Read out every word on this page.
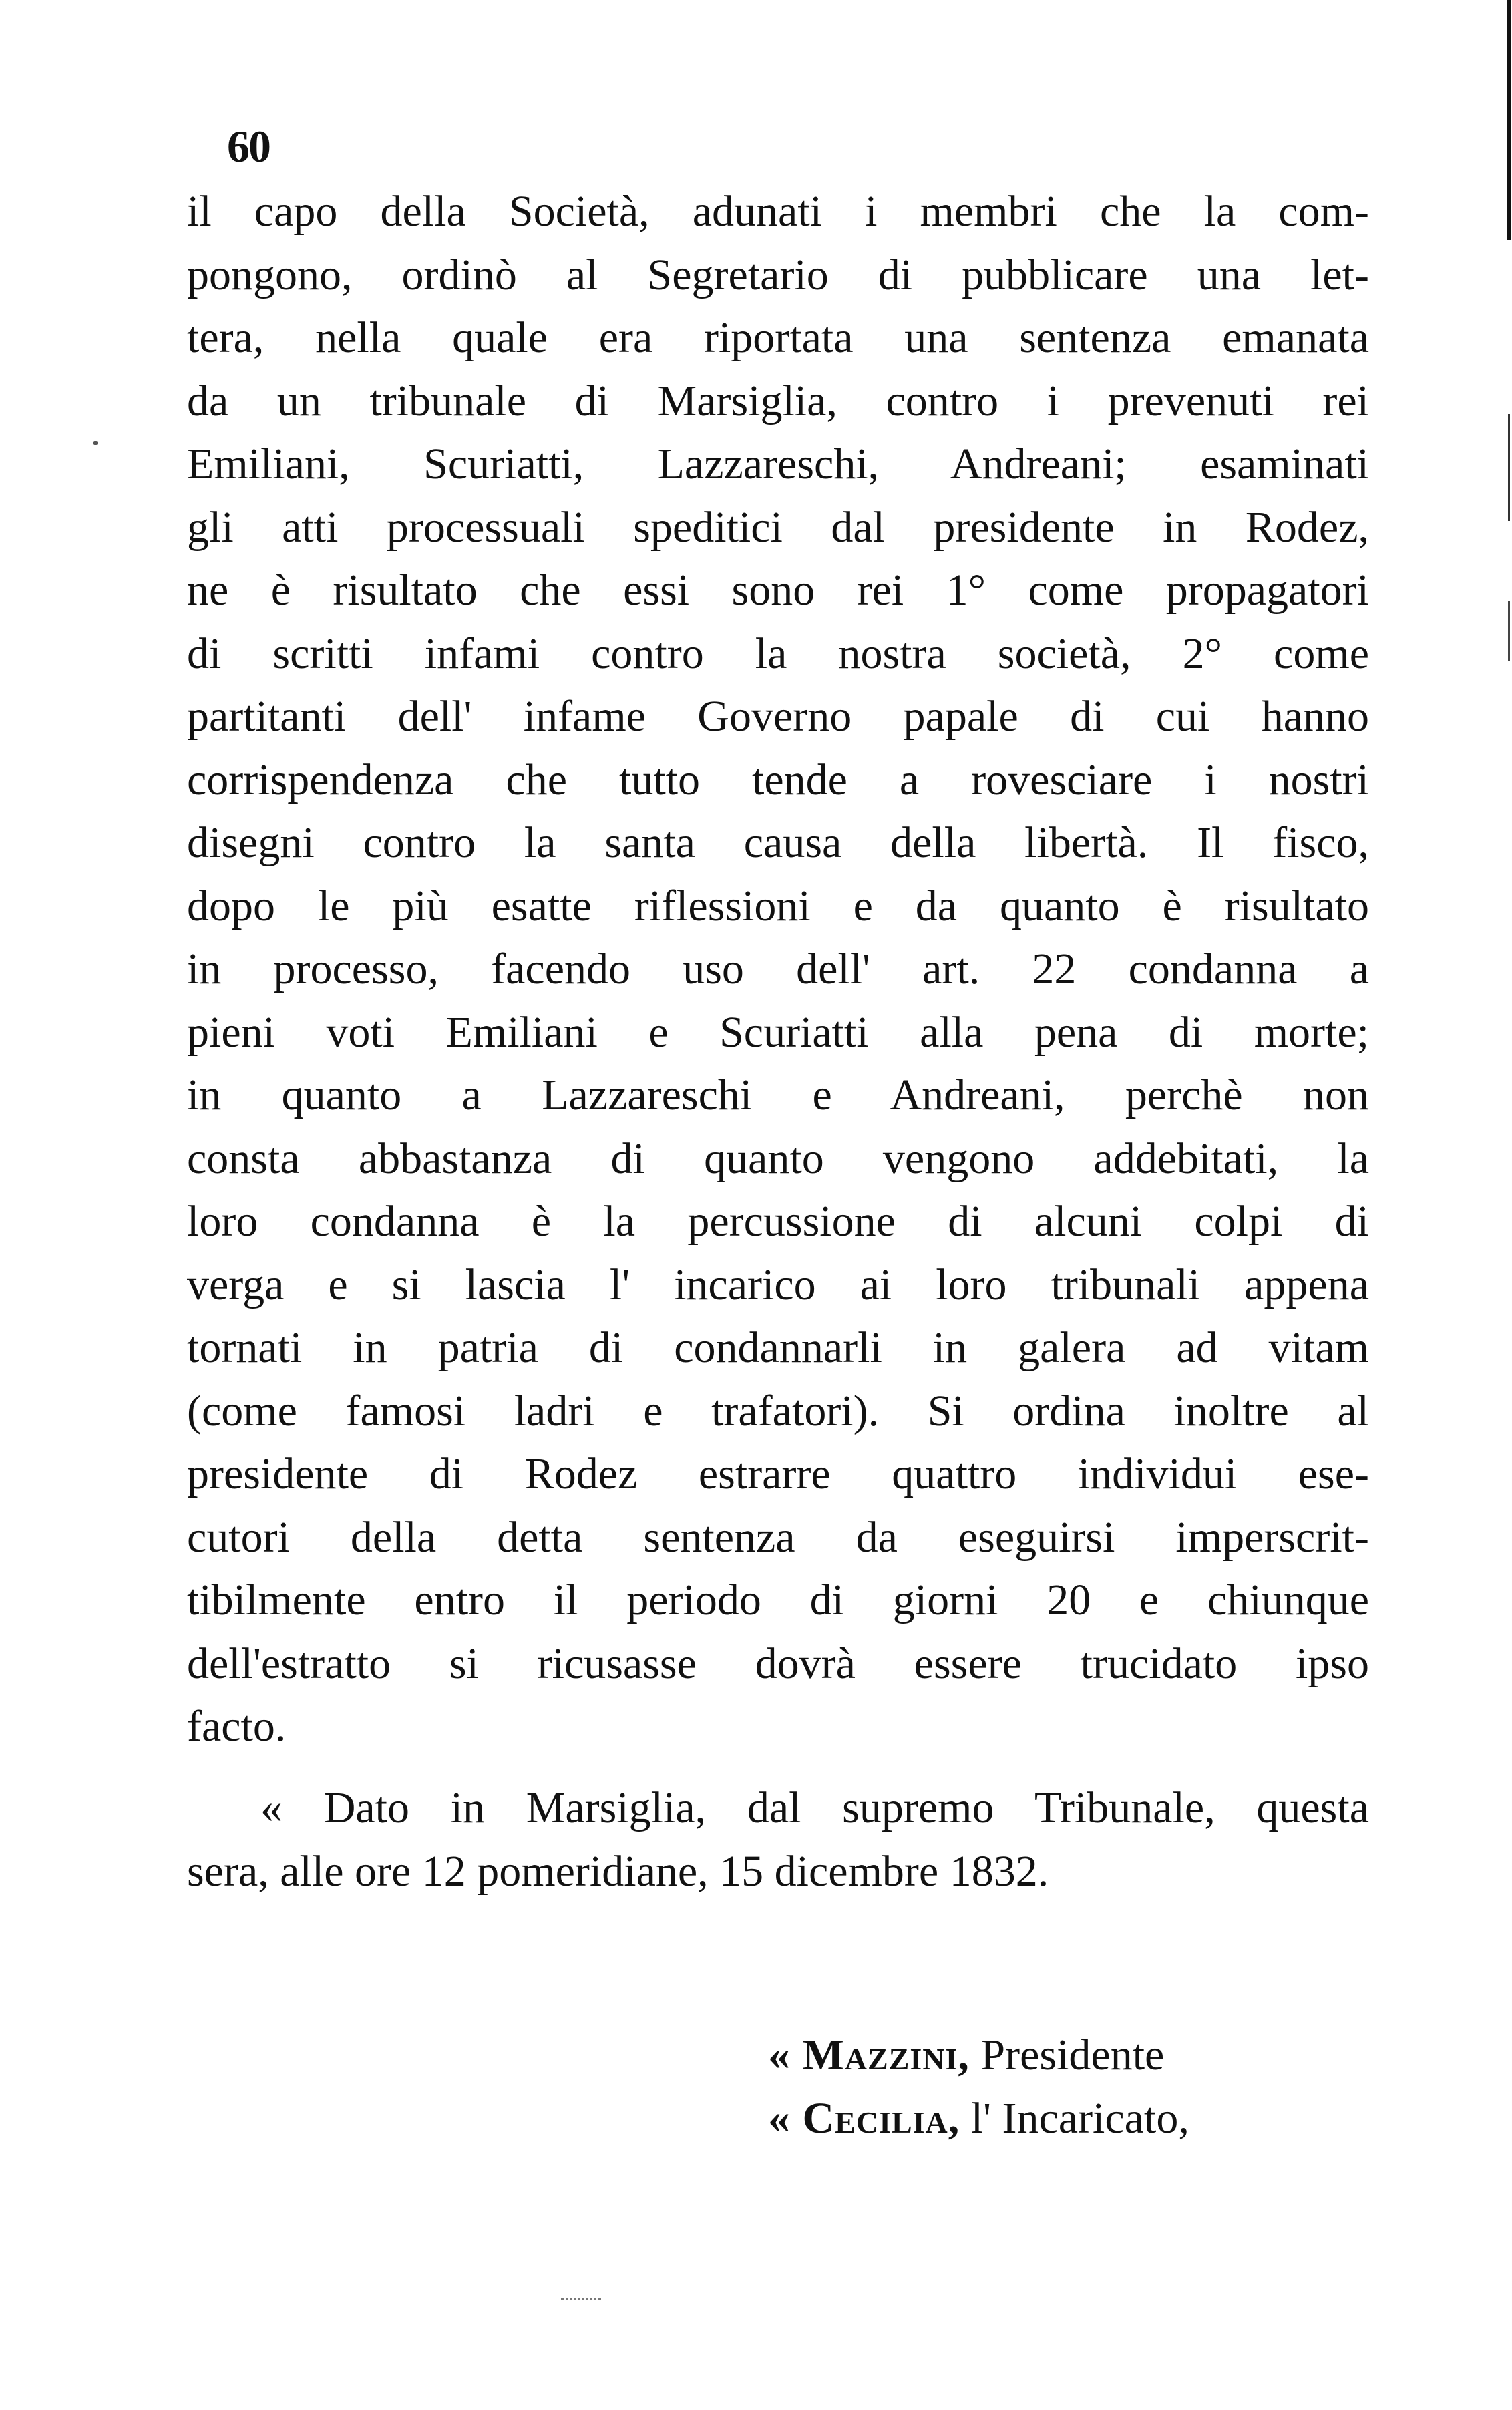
60
il capo della Società, adunati i membri che la com-
pongono, ordinò al Segretario di pubblicare una let-
tera, nella quale era riportata una sentenza emanata
da un tribunale di Marsiglia, contro i prevenuti rei
Emiliani, Scuriatti, Lazzareschi, Andreani; esaminati
gli atti processuali speditici dal presidente in Rodez,
ne è risultato che essi sono rei 1° come propagatori
di scritti infami contro la nostra società, 2° come
partitanti dell' infame Governo papale di cui hanno
corrispendenza che tutto tende a rovesciare i nostri
disegni contro la santa causa della libertà. Il fisco,
dopo le più esatte riflessioni e da quanto è risultato
in processo, facendo uso dell' art. 22 condanna a
pieni voti Emiliani e Scuriatti alla pena di morte;
in quanto a Lazzareschi e Andreani, perchè non
consta abbastanza di quanto vengono addebitati, la
loro condanna è la percussione di alcuni colpi di
verga e si lascia l' incarico ai loro tribunali appena
tornati in patria di condannarli in galera ad vitam
(come famosi ladri e trafatori). Si ordina inoltre al
presidente di Rodez estrarre quattro individui ese-
cutori della detta sentenza da eseguirsi imperscrit-
tibilmente entro il periodo di giorni 20 e chiunque
dell'estratto si ricusasse dovrà essere trucidato ipso
facto.
« Dato in Marsiglia, dal supremo Tribunale, questa
sera, alle ore 12 pomeridiane, 15 dicembre 1832.
« Mazzini, Presidente
« Cecilia, l' Incaricato,
